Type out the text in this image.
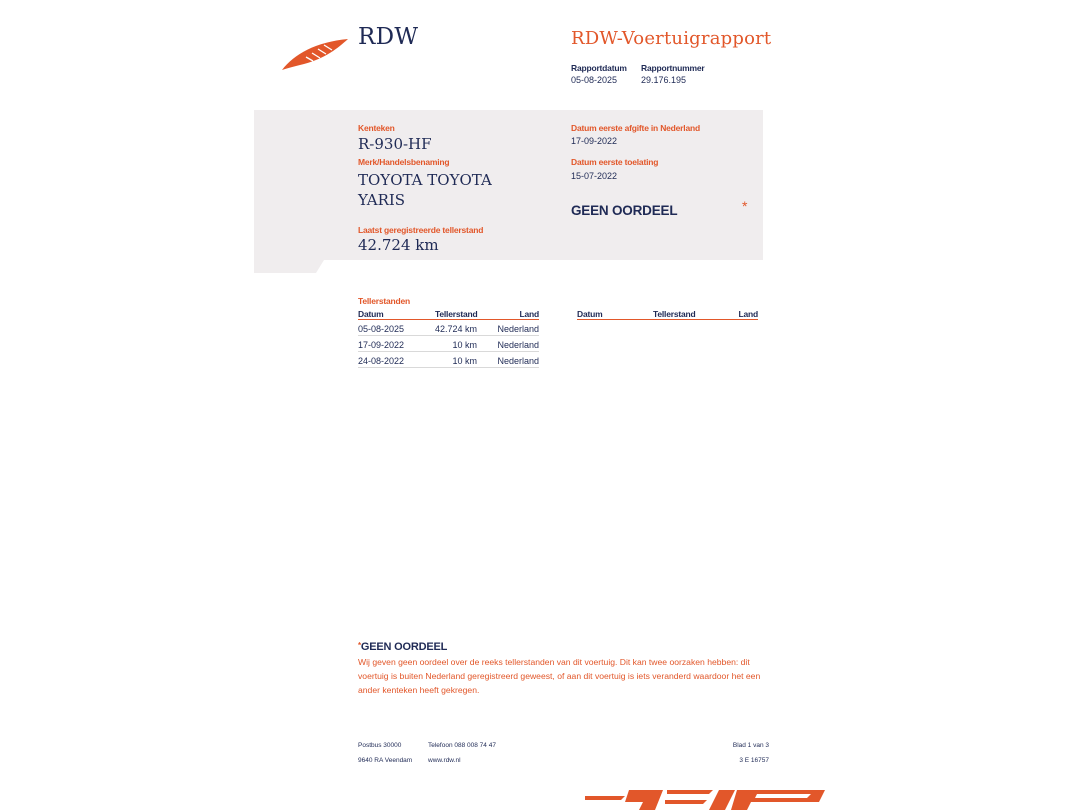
RDW	RDW-Voertuigrapport
Rapportdatum
05-08-2025
Rapportnummer
29.176.195
Kenteken
R-930-HF
Merk/Handelsbenaming
TOYOTA TOYOTA
YARIS
Laatst geregistreerde tellerstand
42.724 km
Datum eerste afgifte in Nederland
17-09-2022
Datum eerste toelating
15-07-2022
GEEN OORDEEL	*
Tellerstanden
Datum	Tellerstand	Land
05-08-2025	42.724 km Nederland
17-09-2022	10 km Nederland
24-08-2022	10 km Nederland
Datum	Tellerstand	Land
*GEEN OORDEEL
Wij geven geen oordeel over de reeks tellerstanden van dit voertuig. Dit kan twee oorzaken hebben: dit voertuig is buiten Nederland geregistreerd geweest, of aan dit voertuig is iets veranderd waardoor het een ander kenteken heeft gekregen.
Postbus 30000
9640 RA Veendam
Telefoon 088 008 74 47
www.rdw.nl
Blad 1 van 3
3 E 16757
